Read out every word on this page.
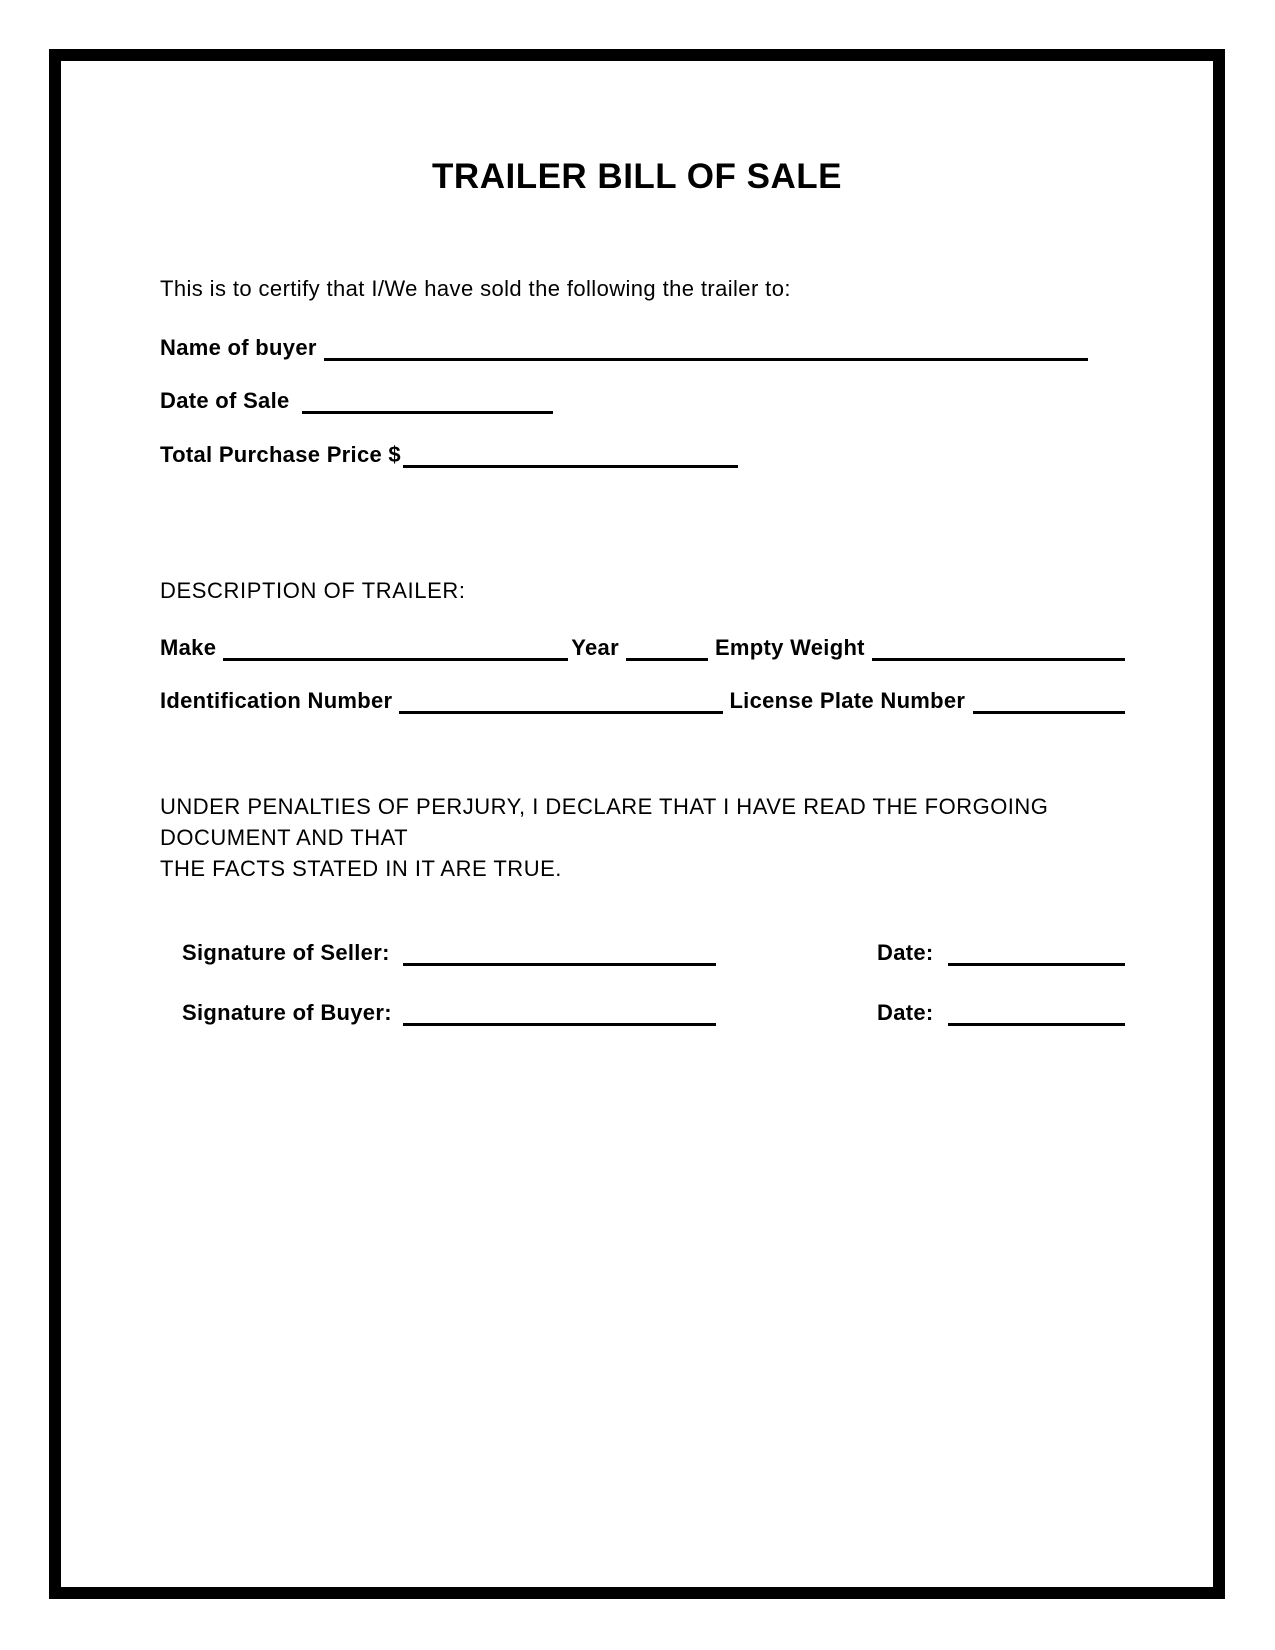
TRAILER BILL OF SALE
This is to certify that I/We have sold the following the trailer to:
Name of buyer
Date of Sale
Total Purchase Price $
DESCRIPTION OF TRAILER:
Make	Year	Empty Weight
Identification Number	License Plate Number
UNDER PENALTIES OF PERJURY, I DECLARE THAT I HAVE READ THE FORGOING DOCUMENT AND THAT
THE FACTS STATED IN IT ARE TRUE.
Signature of Seller:	Date:
Signature of Buyer:	Date:
